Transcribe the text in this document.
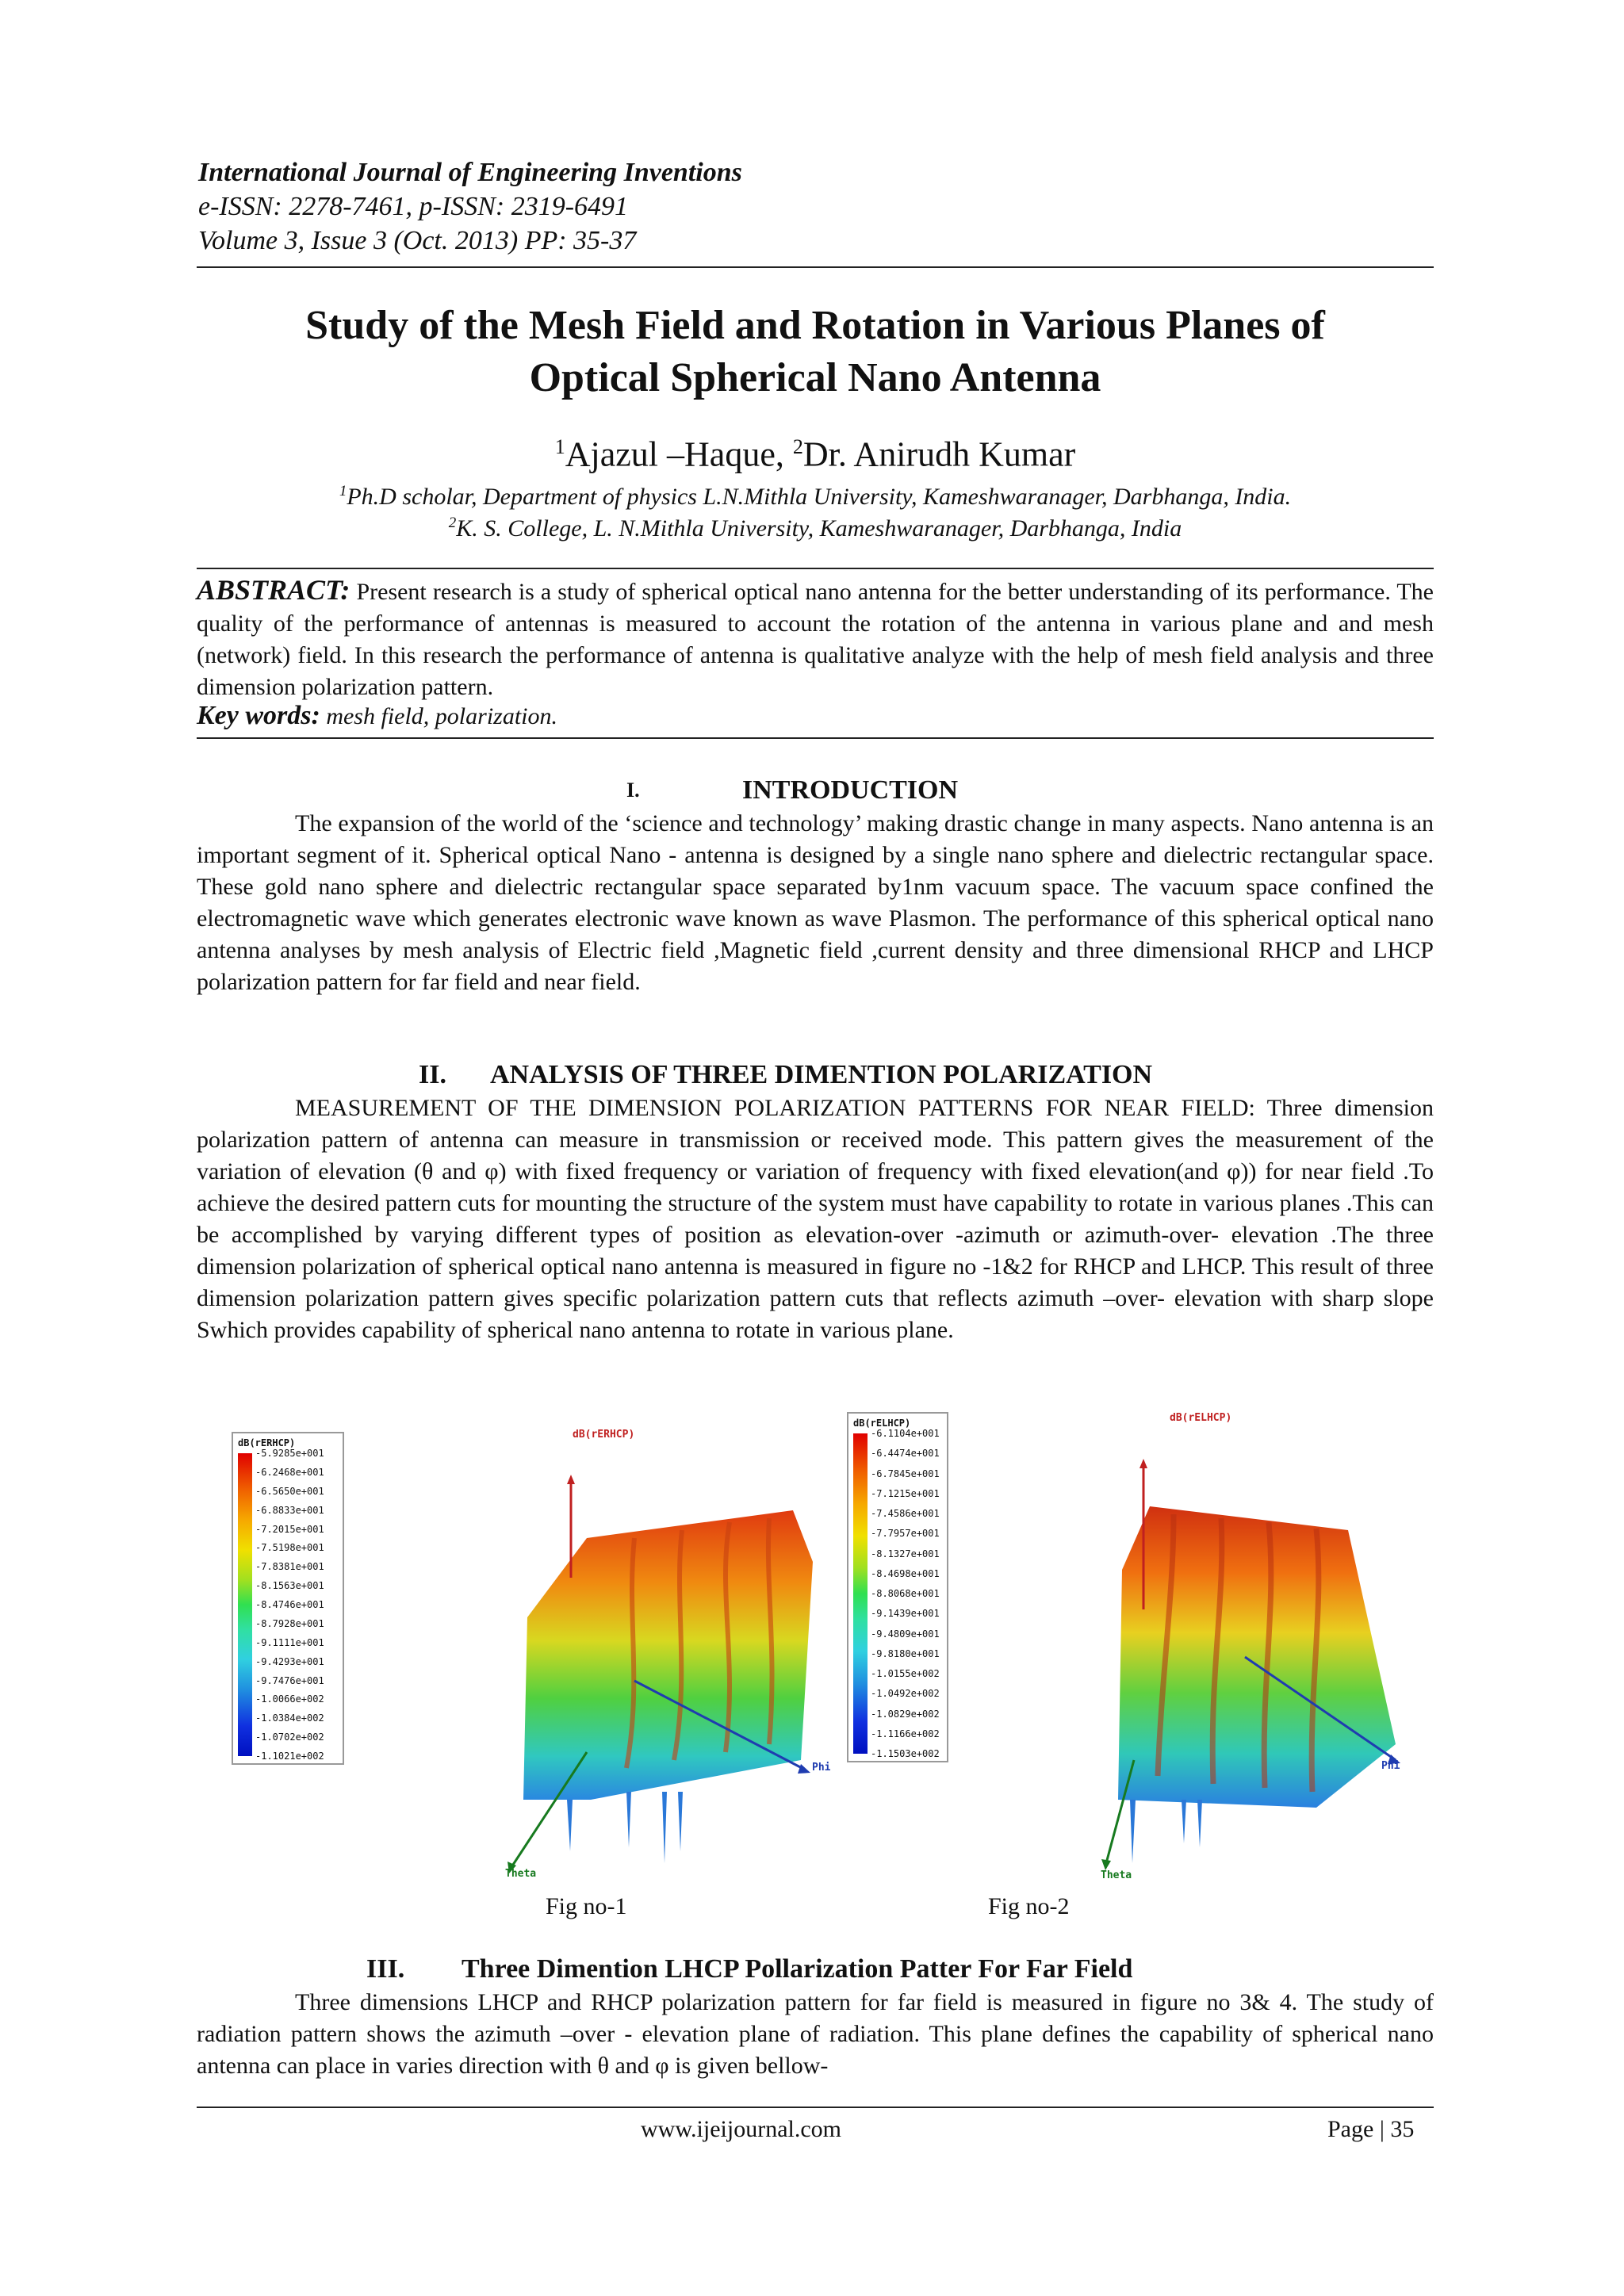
International Journal of Engineering Inventions
e-ISSN: 2278-7461, p-ISSN: 2319-6491
Volume 3, Issue 3 (Oct. 2013) PP: 35-37
Study of the Mesh Field and Rotation in Various Planes of
Optical Spherical Nano Antenna
$^1$Ajazul –Haque, $^2$Dr. Anirudh Kumar
$^1$Ph.D scholar, Department of physics L.N.Mithla University, Kameshwaranager, Darbhanga, India.
$^2$K. S. College, L. N.Mithla University, Kameshwaranager, Darbhanga, India
ABSTRACT: Present research is a study of spherical optical nano antenna for the better understanding of its performance. The quality of the performance of antennas is measured to account the rotation of the antenna in various plane and and mesh (network) field. In this research the performance of antenna is qualitative analyze with the help of mesh field analysis and three dimension polarization pattern.
Key words: mesh field, polarization.
I.	INTRODUCTION
The expansion of the world of the ‘science and technology’ making drastic change in many aspects. Nano antenna is an important segment of it. Spherical optical Nano - antenna is designed by a single nano sphere and dielectric rectangular space. These gold nano sphere and dielectric rectangular space separated by1nm vacuum space. The vacuum space confined the electromagnetic wave which generates electronic wave known as wave Plasmon. The performance of this spherical optical nano antenna analyses by mesh analysis of Electric field ,Magnetic field ,current density and three dimensional RHCP and LHCP polarization pattern for far field and near field.
II. ANALYSIS OF THREE DIMENTION POLARIZATION
MEASUREMENT OF THE DIMENSION POLARIZATION PATTERNS FOR NEAR FIELD: Three dimension polarization pattern of antenna can measure in transmission or received mode. This pattern gives the measurement of the variation of elevation (θ and φ) with fixed frequency or variation of frequency with fixed elevation(and φ)) for near field .To achieve the desired pattern cuts for mounting the structure of the system must have capability to rotate in various planes .This can be accomplished by varying different types of position as elevation-over -azimuth or azimuth-over- elevation .The three dimension polarization of spherical optical nano antenna is measured in figure no -1&2 for RHCP and LHCP. This result of three dimension polarization pattern gives specific polarization pattern cuts that reflects azimuth –over- elevation with sharp slope Swhich provides capability of spherical nano antenna to rotate in various plane.
dB(rERHCP)
-5.9285e+001
-6.2468e+001
-6.5650e+001
-6.8833e+001
-7.2015e+001
-7.5198e+001
-7.8381e+001
-8.1563e+001
-8.4746e+001
-8.7928e+001
-9.1111e+001
-9.4293e+001
-9.7476e+001
-1.0066e+002
-1.0384e+002
-1.0702e+002
-1.1021e+002
dB(rERHCP)
Phi
Theta
dB(rELHCP)
-6.1104e+001
-6.4474e+001
-6.7845e+001
-7.1215e+001
-7.4586e+001
-7.7957e+001
-8.1327e+001
-8.4698e+001
-8.8068e+001
-9.1439e+001
-9.4809e+001
-9.8180e+001
-1.0155e+002
-1.0492e+002
-1.0829e+002
-1.1166e+002
-1.1503e+002
dB(rELHCP)
Phi
Theta
Fig no-1	Fig no-2
III. Three Dimention LHCP Pollarization Patter For Far Field
Three dimensions LHCP and RHCP polarization pattern for far field is measured in figure no 3& 4. The study of radiation pattern shows the azimuth –over - elevation plane of radiation. This plane defines the capability of spherical nano antenna can place in varies direction with θ and φ is given bellow-
www.ijeijournal.com	Page | 35
